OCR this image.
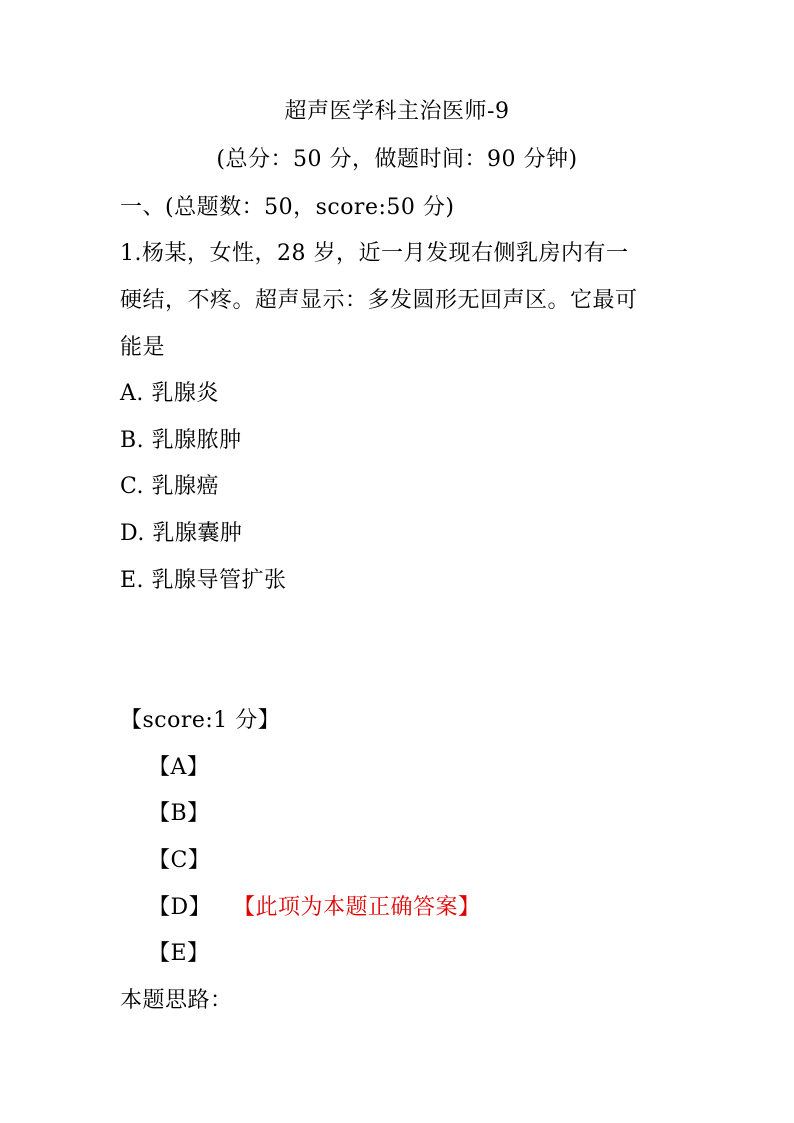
超声医学科主治医师-9
(总分：50 分，做题时间：90 分钟)
一、(总题数：50，score:50 分)
1.杨某，女性，28 岁，近一月发现右侧乳房内有一
硬结，不疼。超声显示：多发圆形无回声区。它最可
能是
A. 乳腺炎
B. 乳腺脓肿
C. 乳腺癌
D. 乳腺囊肿
E. 乳腺导管扩张
【score:1 分】
【A】
【B】
【C】
【D】 【此项为本题正确答案】
【E】
本题思路：
